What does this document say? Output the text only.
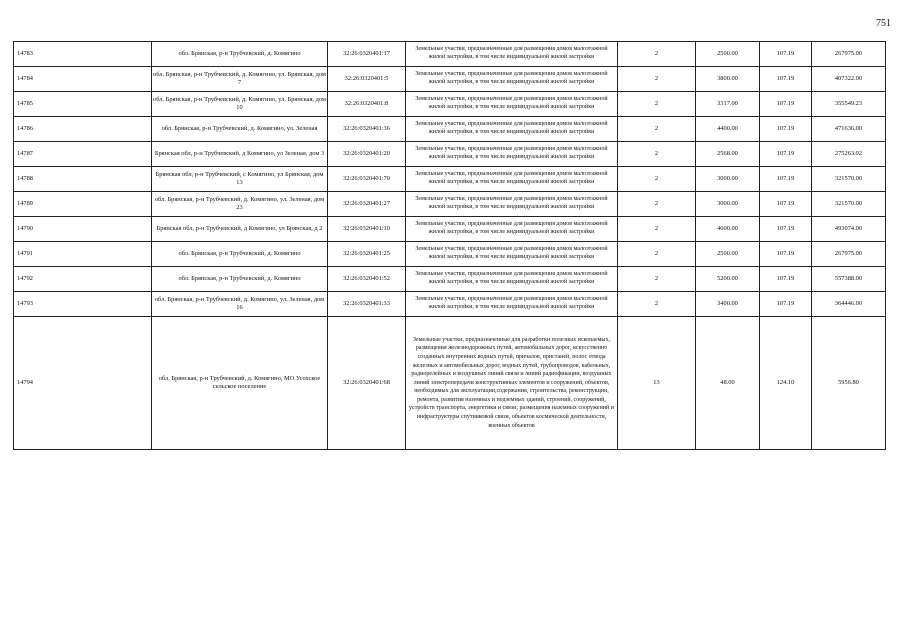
751
14783	обл. Брянская, р-н Трубчевский, д. Комягино	32:26:0320401:17	Земельные участки, предназначенные для размещения домов малоэтажной жилой застройки, в том числе индивидуальной жилой застройки	2	2500.00	107.19	267975.00
14784	обл. Брянская, р-н Трубчевский, д. Комягино, ул. Брянская, дом 7	32:26:0320401:5	Земельные участки, предназначенные для размещения домов малоэтажной жилой застройки, в том числе индивидуальной жилой застройки	2	3800.00	107.19	407322.00
14785	обл. Брянская, р-н Трубчевский, д. Комягино, ул. Брянская, дом 10	32:26:0320401:8	Земельные участки, предназначенные для размещения домов малоэтажной жилой застройки, в том числе индивидуальной жилой застройки	2	3317.00	107.19	355549.23
14786	обл. Брянская, р-н Трубчевский, д. Комягино, ул. Зеленая	32:26:0320401:36	Земельные участки, предназначенные для размещения домов малоэтажной жилой застройки, в том числе индивидуальной жилой застройки	2	4400.00	107.19	471636.00
14787	Брянская обл, р-н Трубчевский, д Комягино, ул Зеленая, дом 3	32:26:0320401:20	Земельные участки, предназначенные для размещения домов малоэтажной жилой застройки, в том числе индивидуальной жилой застройки	2	2568.00	107.19	275263.92
14788	Брянская обл, р-н Трубчевский, с Комягино, ул Брянская, дом 13	32:26:0320401:70	Земельные участки, предназначенные для размещения домов малоэтажной жилой застройки, в том числе индивидуальной жилой застройки	2	3000.00	107.19	321570.00
14789	обл. Брянская, р-н Трубчевский, д. Комягино, ул. Зеленая, дом 23	32:26:0320401:27	Земельные участки, предназначенные для размещения домов малоэтажной жилой застройки, в том числе индивидуальной жилой застройки	2	3000.00	107.19	321570.00
14790	Брянская обл, р-н Трубчевский, д Комягино, ул Брянская, д 2	32:26:0320401:10	Земельные участки, предназначенные для размещения домов малоэтажной жилой застройки, в том числе индивидуальной жилой застройки	2	4600.00	107.19	493074.00
14791	обл. Брянская, р-н Трубчевский, д. Комягино	32:26:0320401:25	Земельные участки, предназначенные для размещения домов малоэтажной жилой застройки, в том числе индивидуальной жилой застройки	2	2500.00	107.19	267975.00
14792	обл. Брянская, р-н Трубчевский, д. Комягино	32:26:0320401:52	Земельные участки, предназначенные для размещения домов малоэтажной жилой застройки, в том числе индивидуальной жилой застройки	2	5200.00	107.19	557388.00
14793	обл. Брянская, р-н Трубчевский, д. Комягино, ул. Зеленая, дом 16	32:26:0320401:33	Земельные участки, предназначенные для размещения домов малоэтажной жилой застройки, в том числе индивидуальной жилой застройки	2	3400.00	107.19	364446.00
14794	обл. Брянская, р-н Трубчевский, д. Комягино, МО Усохское сельское поселение	32:26:0320401:68	Земельные участки, предназначенные для разработки полезных ископаемых, размещения железнодорожных путей, автомобильных дорог, искусственно созданных внутренних водных путей, причалов, пристаней, полос отвода железных и автомобильных дорог, водных путей, трубопроводов, кабельных, радиорелейных и воздушных линий связи и линий радиофикации, воздушных линий электропередачи конструктивных элементов и сооружений, объектов, необходимых для эксплуатации,содержания, строительства, реконструкции, ремонта, развития наземных и подземных зданий, строений, сооружений, устройств транспорта, энергетики и связи; размещения наземных сооружений и инфраструктуры спутниковой связи, объектов космической деятельности, военных объектов	13	48.00	124.10	5956.80
